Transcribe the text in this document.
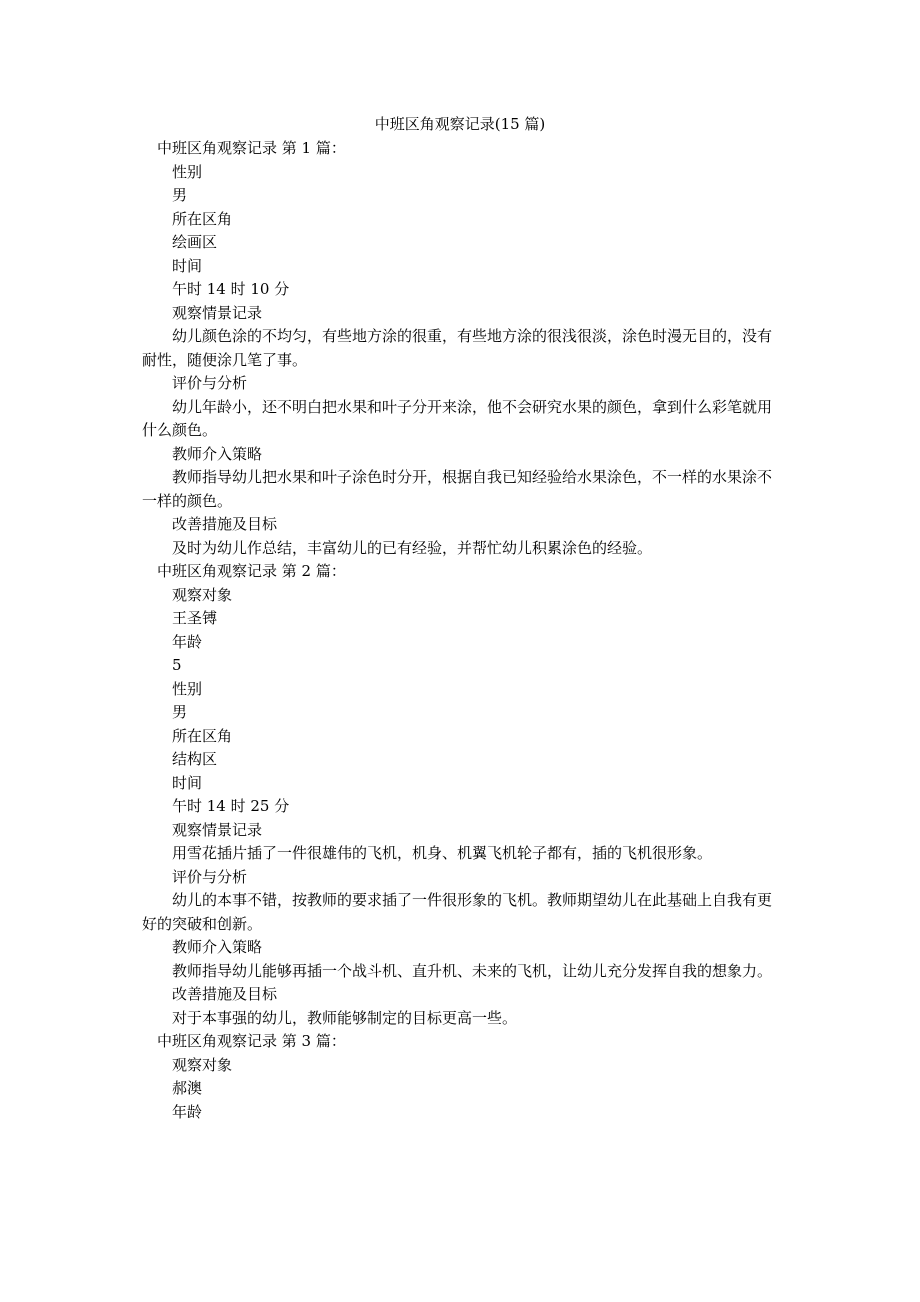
中班区角观察记录(15 篇)

中班区角观察记录 第 1 篇：

性别

男

所在区角

绘画区

时间

午时 14 时 10 分

观察情景记录

幼儿颜色涂的不均匀，有些地方涂的很重，有些地方涂的很浅很淡，涂色时漫无目的，没有耐性，随便涂几笔了事。

评价与分析

幼儿年龄小，还不明白把水果和叶子分开来涂，他不会研究水果的颜色，拿到什么彩笔就用什么颜色。

教师介入策略

教师指导幼儿把水果和叶子涂色时分开，根据自我已知经验给水果涂色，不一样的水果涂不一样的颜色。

改善措施及目标

及时为幼儿作总结，丰富幼儿的已有经验，并帮忙幼儿积累涂色的经验。

中班区角观察记录 第 2 篇：

观察对象

王圣镈

年龄

5

性别

男

所在区角

结构区

时间

午时 14 时 25 分

观察情景记录

用雪花插片插了一件很雄伟的飞机，机身、机翼飞机轮子都有，插的飞机很形象。

评价与分析

幼儿的本事不错，按教师的要求插了一件很形象的飞机。教师期望幼儿在此基础上自我有更好的突破和创新。

教师介入策略

教师指导幼儿能够再插一个战斗机、直升机、未来的飞机，让幼儿充分发挥自我的想象力。

改善措施及目标

对于本事强的幼儿，教师能够制定的目标更高一些。

中班区角观察记录 第 3 篇：

观察对象

郝澳

年龄
